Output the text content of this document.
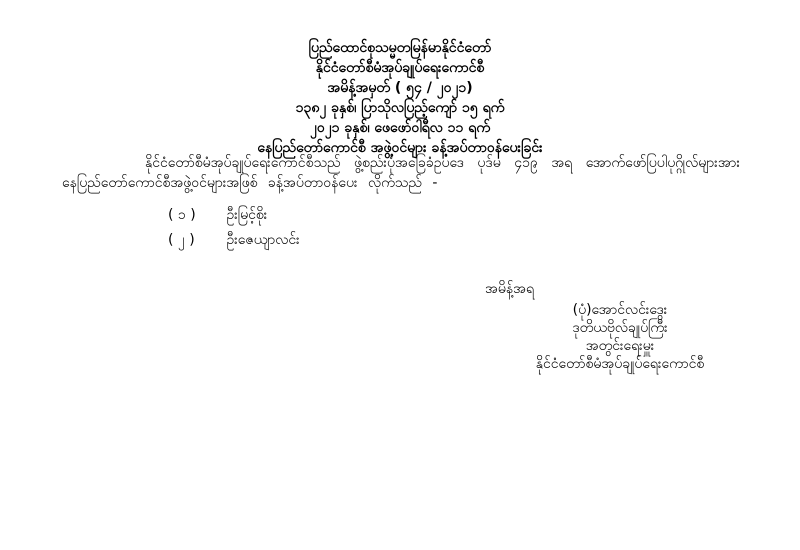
ပြည်ထောင်စုသမ္မတမြန်မာနိုင်ငံတော်
နိုင်ငံတော်စီမံအုပ်ချုပ်ရေးကောင်စီ
အမိန့်အမှတ် ( ၅၄ / ၂၀၂၁)
၁၃၈၂ ခုနှစ်၊ ပြာသိုလပြည့်ကျော် ၁၅ ရက်
၂၀၂၁ ခုနှစ်၊ ဖေဖော်ဝါရီလ ၁၁ ရက်
နေပြည်တော်ကောင်စီ အဖွဲ့ဝင်များ ခန့်အပ်တာဝန်ပေးခြင်း
နိုင်ငံတော်စီမံအုပ်ချုပ်ရေးကောင်စီသည် ဖွဲ့စည်းပုံအခြေခံဥပဒေ ပုဒ်မ ၄၁၉ အရ အောက်ဖော်ပြပါပုဂ္ဂိုလ်များအား နေပြည်တော်ကောင်စီအဖွဲ့ဝင်များအဖြစ် ခန့်အပ်တာဝန်ပေး လိုက်သည် -
( ၁ ) ဦးမြင့်စိုး
( ၂ ) ဦးဇေယျာလင်း
အမိန့်အရ
(ပုံ)အောင်လင်းဒွေး
ဒုတိယဗိုလ်ချုပ်ကြီး
အတွင်းရေးမှူး
နိုင်ငံတော်စီမံအုပ်ချုပ်ရေးကောင်စီ
